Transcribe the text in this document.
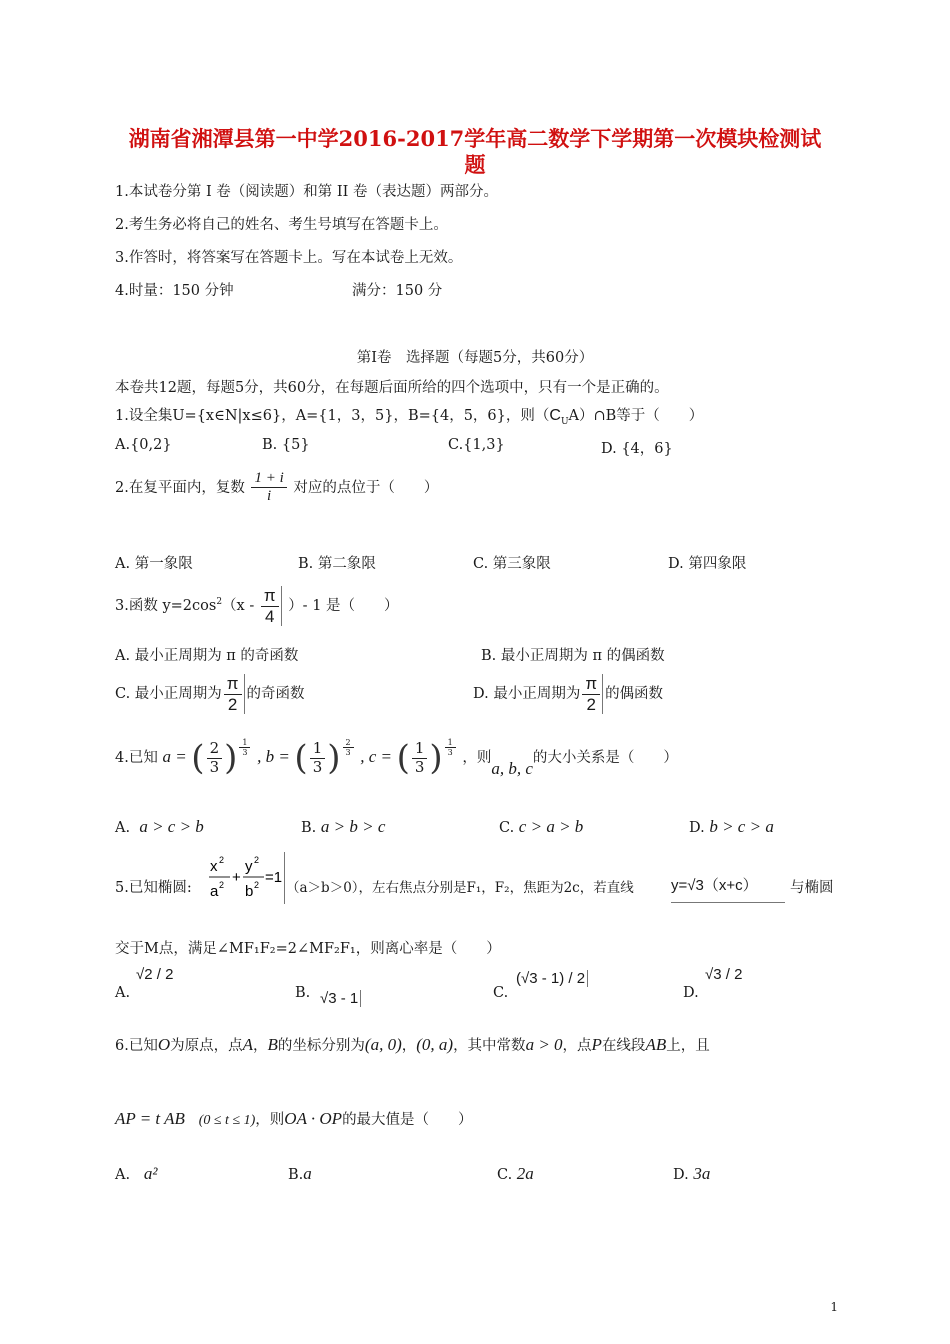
湖南省湘潭县第一中学2016-2017学年高二数学下学期第一次模块检测试
题
1.本试卷分第 I 卷（阅读题）和第 II 卷（表达题）两部分。
2.考生务必将自己的姓名、考生号填写在答题卡上。
3.作答时，将答案写在答题卡上。写在本试卷上无效。
4.时量：150 分钟	满分：150 分
第Ⅰ卷　选择题（每题5分，共60分）
本卷共12题，每题5分，共60分，在每题后面所给的四个选项中，只有一个是正确的。
1.设全集U={x∈N|x≤6}，A={1，3，5}，B={4，5，6}，则$(C_UA)\cap B$等于（　　）
A.{0,2}	B. {5}	C.{1,3}	D. {4，6}
2.在复平面内，复数 $\frac{1 + i}{i}$ 对应的点位于（　　）
A. 第一象限	B. 第二象限	C. 第三象限	D. 第四象限
3.函数 $y=2\cos^2(x - \frac{\pi}{4}$ ）- 1 是（　　）
A. 最小正周期为 π 的奇函数	B. 最小正周期为 π 的偶函数
C. 最小正周期为 $\frac{\pi}{2}$ 的奇函数	D. 最小正周期为 $\frac{\pi}{2}$ 的偶函数
4.已知 a = ( $\frac{2}{3}$ ) $\frac{1}{3}$ , b = ( $\frac{1}{3}$ ) $\frac{2}{3}$ , c = ( $\frac{1}{3}$ ) $\frac{1}{3}$
，则a, b, c的大小关系是（　　）
A. a > c > b	B. a > b > c	C. c > a > b	D. b > c > a
5.已知椭圆:
x 2
a 2 +
y 2
b 2 =1
（a＞b＞0），左右焦点分别是F₁，F₂，焦距为2c，若直线 y=√3（x+c）	与椭圆
交于M点，满足∠MF₁F₂=2∠MF₂F₁，则离心率是（　　）
A.
√2 / 2
B. √3 - 1	C.
(√3 - 1) / 2
D.
√3 / 2
6.已知O为原点，点A，B的坐标分别为(a, 0)，(0, a)，其中常数a > 0，点P在线段AB上，且
AP = t AB (0 ≤ t ≤ 1)，则OA · OP的最大值是（　　）
A. a²	B.a	C. 2a	D. 3a
1
